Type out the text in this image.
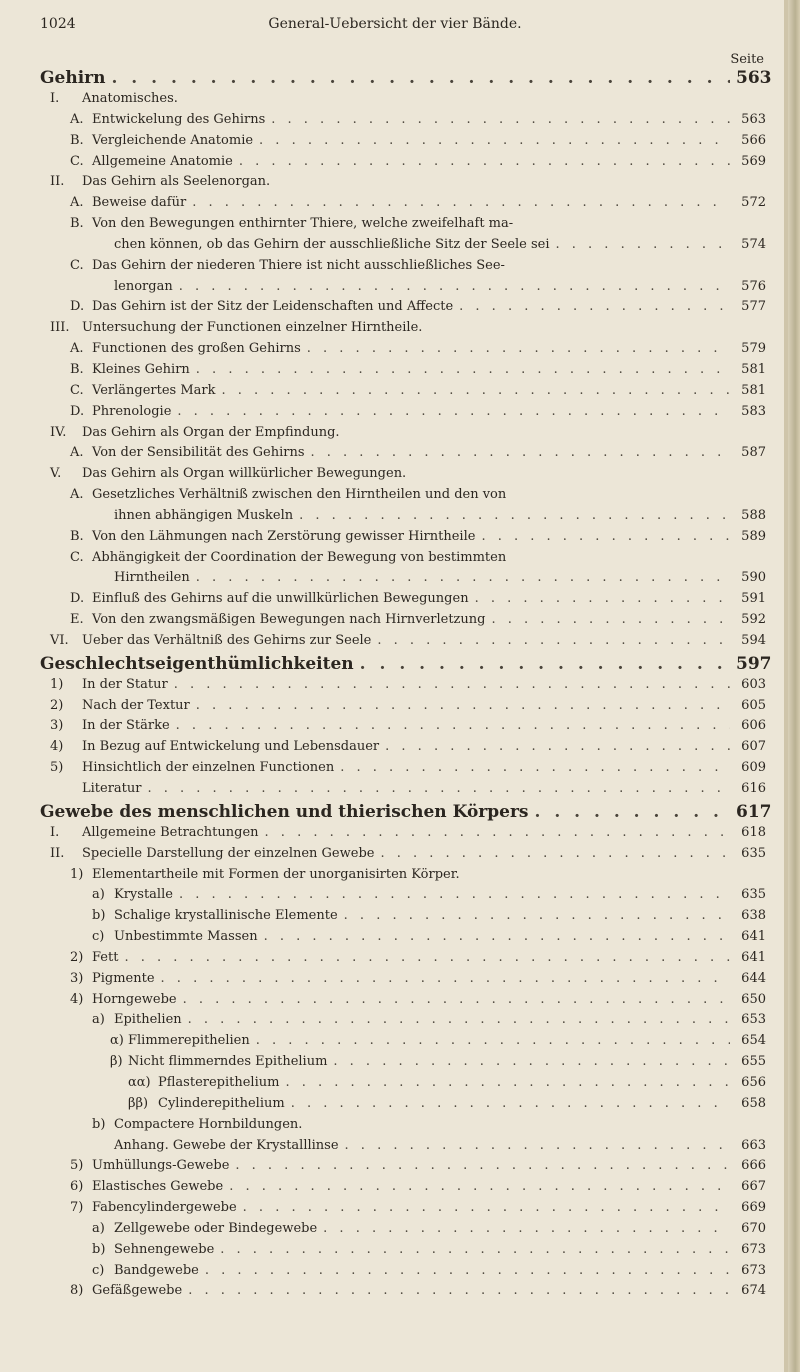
1024	General-Uebersicht der vier Bände.
Seite
Gehirn . . .	563
I.	Anatomisches.
A. Entwickelung des Gehirns . . .	563
B. Vergleichende Anatomie . . .	566
C. Allgemeine Anatomie . . .	569
II.	Das Gehirn als Seelenorgan.
A. Beweise dafür . . .	572
B. Von den Bewegungen enthirnter Thiere, welche zweifelhaft ma-
chen können, ob das Gehirn der ausschließliche Sitz der Seele sei . . .	574
C. Das Gehirn der niederen Thiere ist nicht ausschließliches See-
lenorgan . . .	576
D. Das Gehirn ist der Sitz der Leidenschaften und Affecte . . .	577
III. Untersuchung der Functionen einzelner Hirntheile.
A. Functionen des großen Gehirns . . .	579
B. Kleines Gehirn . . .	581
C. Verlängertes Mark . . .	581
D. Phrenologie . . .	583
IV.	Das Gehirn als Organ der Empfindung.
A. Von der Sensibilität des Gehirns . . .	587
V.	Das Gehirn als Organ willkürlicher Bewegungen.
A. Gesetzliches Verhältniß zwischen den Hirntheilen und den von
ihnen abhängigen Muskeln . . .	588
B. Von den Lähmungen nach Zerstörung gewisser Hirntheile . . .	589
C. Abhängigkeit der Coordination der Bewegung von bestimmten
Hirntheilen . . .	590
D. Einfluß des Gehirns auf die unwillkürlichen Bewegungen . . .	591
E. Von den zwangsmäßigen Bewegungen nach Hirnverletzung . . .	592
VI.	Ueber das Verhältniß des Gehirns zur Seele . . .	594
Geschlechtseigenthümlichkeiten . . .	597
1)	In der Statur . . .	603
2)	Nach der Textur . . .	605
3)	In der Stärke . . .	606
4)	In Bezug auf Entwickelung und Lebensdauer . . .	607
5)	Hinsichtlich der einzelnen Functionen . . .	609
Literatur . . .	616
Gewebe des menschlichen und thierischen Körpers . . .	617
I.	Allgemeine Betrachtungen . . .	618
II.	Specielle Darstellung der einzelnen Gewebe . . .	635
1) Elementartheile mit Formen der unorganisirten Körper.
a) Krystalle . . .	635
b) Schalige krystallinische Elemente . . .	638
c) Unbestimmte Massen . . .	641
2) Fett . . .	641
3) Pigmente . . .	644
4) Horngewebe . . .	650
a) Epithelien . . .	653
α) Flimmerepithelien . . .	654
β) Nicht flimmerndes Epithelium . . .	655
αα) Pflasterepithelium . . .	656
ββ) Cylinderepithelium . . .	658
b) Compactere Hornbildungen.
Anhang. Gewebe der Krystalllinse . . .	663
5) Umhüllungs-Gewebe . . .	666
6) Elastisches Gewebe . . .	667
7) Fabencylindergewebe . . .	669
a) Zellgewebe oder Bindegewebe . . .	670
b) Sehnengewebe . . .	673
c) Bandgewebe . . .	673
8) Gefäßgewebe . . .	674
